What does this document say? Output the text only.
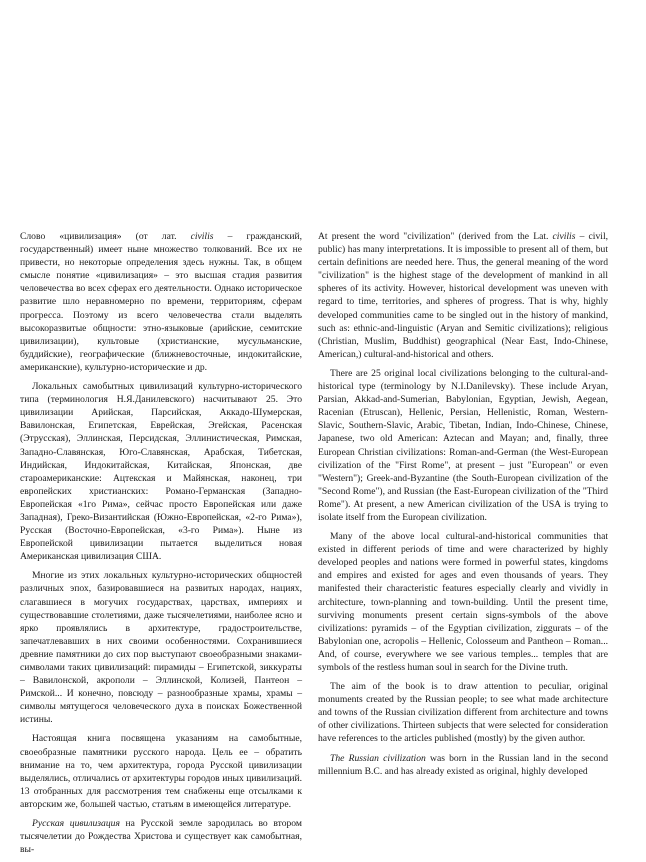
Слово «цивилизация» (от лат. civilis – гражданский, государственный) имеет ныне множество толкований. Все их не привести, но некоторые определения здесь нужны. Так, в общем смысле понятие «цивилизация» – это высшая стадия развития человечества во всех сферах его деятельности. Однако историческое развитие шло неравномерно по времени, территориям, сферам прогресса. Поэтому из всего человечества стали выделять высокоразвитые общности: этно-языковые (арийские, семитские цивилизации), культовые (христианские, мусульманские, буддийские), географические (ближневосточные, индокитайские, американские), культурно-исторические и др.

Локальных самобытных цивилизаций культурно-исторического типа (терминология Н.Я.Данилевского) насчитывают 25. Это цивилизации Арийская, Парсийская, Аккадо-Шумерская, Вавилонская, Египетская, Еврейская, Эгейская, Расенская (Этрусская), Эллинская, Персидская, Эллинистическая, Римская, Западно-Славянская, Юго-Славянская, Арабская, Тибетская, Индийская, Индокитайская, Китайская, Японская, две староамериканские: Ацтекская и Майянская, наконец, три европейских христианских: Романо-Германская (Западно-Европейская «1го Рима», сейчас просто Европейская или даже Западная), Греко-Византийская (Южно-Европейская, «2-го Рима»), Русская (Восточно-Европейская, «3-го Рима»). Ныне из Европейской цивилизации пытается выделиться новая Американская цивилизация США.

Многие из этих локальных культурно-исторических общностей различных эпох, базировавшиеся на развитых народах, нациях, слагавшиеся в могучих государствах, царствах, империях и существовавшие столетиями, даже тысячелетиями, наиболее ясно и ярко проявлялись в архитектуре, градостроительстве, запечатлевавших в них своими особенностями. Сохранившиеся древние памятники до сих пор выступают своеобразными знаками-символами таких цивилизаций: пирамиды – Египетской, зиккураты – Вавилонской, акрополи – Эллинской, Колизей, Пантеон – Римской... И конечно, повсюду – разнообразные храмы, храмы – символы мятущегося человеческого духа в поисках Божественной истины.

Настоящая книга посвящена указаниям на самобытные, своеобразные памятники русского народа. Цель ее – обратить внимание на то, чем архитектура, города Русской цивилизации выделялись, отличались от архитектуры городов иных цивилизаций. 13 отобранных для рассмотрения тем снабжены еще отсылками к авторским же, большей частью, статьям в имеющейся литературе.

Русская цивилизация на Русской земле зародилась во втором тысячелетии до Рождества Христова и существует как самобытная, вы-

At present the word "civilization" (derived from the Lat. civilis – civil, public) has many interpretations. It is impossible to present all of them, but certain definitions are needed here. Thus, the general meaning of the word "civilization" is the highest stage of the development of mankind in all spheres of its activity. However, historical development was uneven with regard to time, territories, and spheres of progress. That is why, highly developed communities came to be singled out in the history of mankind, such as: ethnic-and-linguistic (Aryan and Semitic civilizations); religious (Christian, Muslim, Buddhist) geographical (Near East, Indo-Chinese, American,) cultural-and-historical and others.

There are 25 original local civilizations belonging to the cultural-and-historical type (terminology by N.I.Danilevsky). These include Aryan, Parsian, Akkad-and-Sumerian, Babylonian, Egyptian, Jewish, Aegean, Racenian (Etruscan), Hellenic, Persian, Hellenistic, Roman, Western-Slavic, Southern-Slavic, Arabic, Tibetan, Indian, Indo-Chinese, Chinese, Japanese, two old American: Aztecan and Mayan; and, finally, three European Christian civilizations: Roman-and-German (the West-European civilization of the "First Rome", at present – just "European" or even "Western"); Greek-and-Byzantine (the South-European civilization of the "Second Rome"), and Russian (the East-European civilization of the "Third Rome"). At present, a new American civilization of the USA is trying to isolate itself from the European civilization.

Many of the above local cultural-and-historical communities that existed in different periods of time and were characterized by highly developed peoples and nations were formed in powerful states, kingdoms and empires and existed for ages and even thousands of years. They manifested their characteristic features especially clearly and vividly in architecture, town-planning and town-building. Until the present time, surviving monuments present certain signs-symbols of the above civilizations: pyramids – of the Egyptian civilization, ziggurats – of the Babylonian one, acropolis – Hellenic, Colosseum and Pantheon – Roman... And, of course, everywhere we see various temples... temples that are symbols of the restless human soul in search for the Divine truth.

The aim of the book is to draw attention to peculiar, original monuments created by the Russian people; to see what made architecture and towns of the Russian civilization different from architecture and towns of other civilizations. Thirteen subjects that were selected for consideration have references to the articles published (mostly) by the given author.

The Russian civilization was born in the Russian land in the second millennium B.C. and has already existed as original, highly developed
